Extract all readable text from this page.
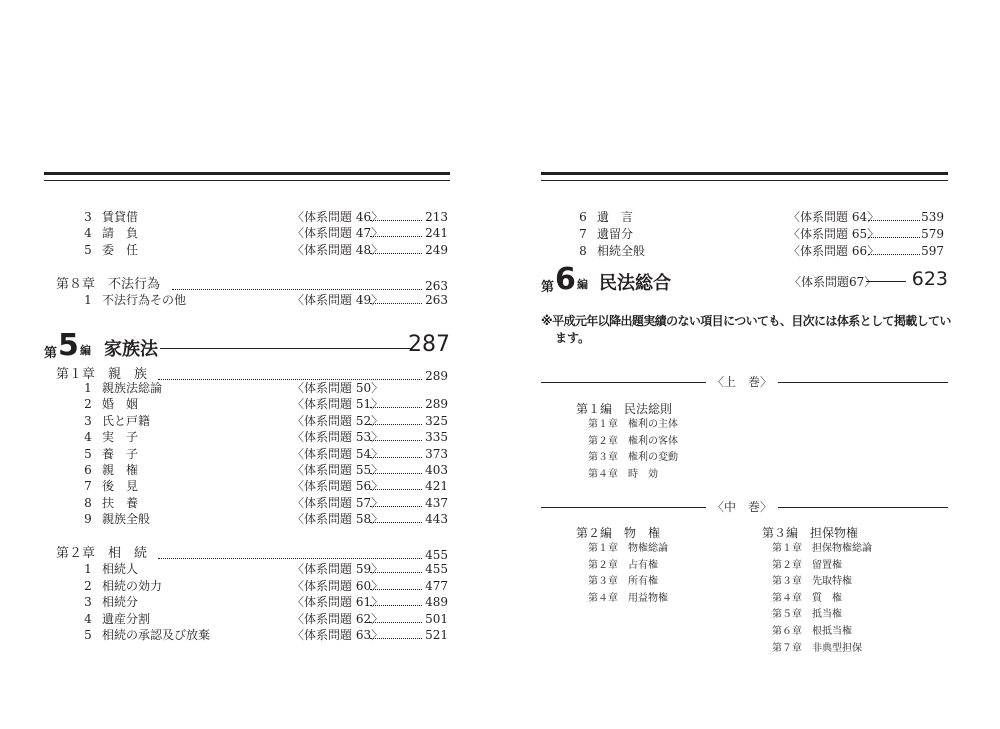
3 賃貸借	〈体系問題 46〉	213
4 請　負	〈体系問題 47〉	241
5 委　任	〈体系問題 48〉	249
第８章　不法行為	263
1 不法行為その他	〈体系問題 49〉	263
第 5 編 家族法	287
第１章　親　族	289
1 親族法総論	〈体系問題 50〉
2 婚　姻	〈体系問題 51〉	289
3 氏と戸籍	〈体系問題 52〉	325
4 実　子	〈体系問題 53〉	335
5 養　子	〈体系問題 54〉	373
6 親　権	〈体系問題 55〉	403
7 後　見	〈体系問題 56〉	421
8 扶　養	〈体系問題 57〉	437
9 親族全般	〈体系問題 58〉	443
第２章　相　続	455
1 相続人	〈体系問題 59〉	455
2 相続の効力	〈体系問題 60〉	477
3 相続分	〈体系問題 61〉	489
4 遺産分割	〈体系問題 62〉	501
5 相続の承認及び放棄	〈体系問題 63〉	521
6 遺　言	〈体系問題 64〉	539
7 遺留分	〈体系問題 65〉	579
8 相続全般	〈体系問題 66〉	597
第 6 編 民法総合	〈体系問題67〉 623
※平成元年以降出題実績のない項目についても、目次には体系として掲載してい
ます。
〈上　巻〉
第１編　民法総則
第１章　権利の主体
第２章　権利の客体
第３章　権利の変動
第４章　時　効
〈中　巻〉
第２編　物　権	第３編　担保物権
第１章　物権総論
第２章　占有権
第３章　所有権
第４章　用益物権
第１章　担保物権総論
第２章　留置権
第３章　先取特権
第４章　質　権
第５章　抵当権
第６章　根抵当権
第７章　非典型担保
